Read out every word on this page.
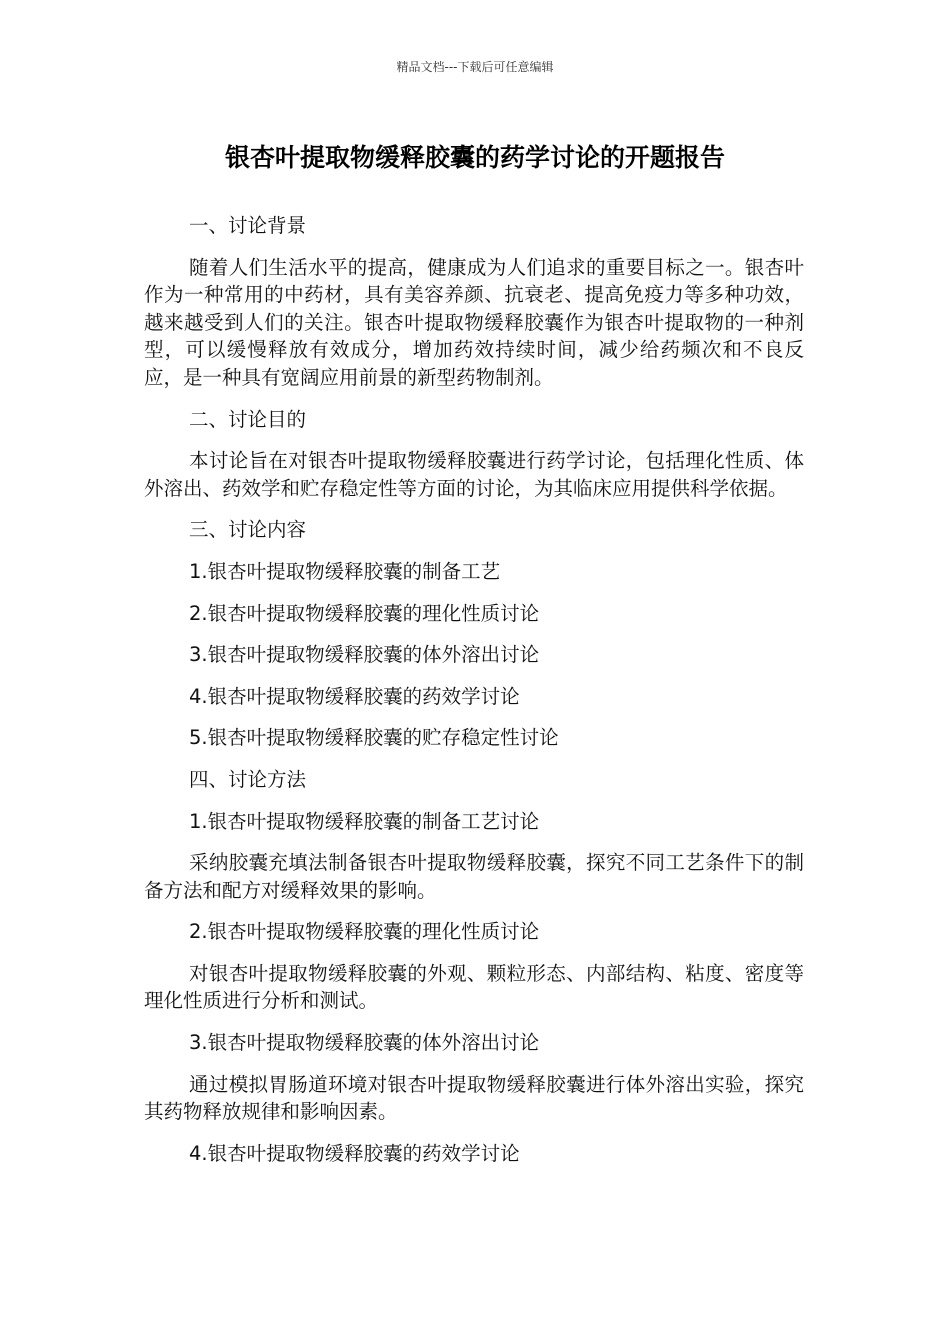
精品文档---下载后可任意编辑
银杏叶提取物缓释胶囊的药学讨论的开题报告

一、讨论背景

随着人们生活水平的提高，健康成为人们追求的重要目标之一。银杏叶作为一种常用的中药材，具有美容养颜、抗衰老、提高免疫力等多种功效，越来越受到人们的关注。银杏叶提取物缓释胶囊作为银杏叶提取物的一种剂型，可以缓慢释放有效成分，增加药效持续时间，减少给药频次和不良反应，是一种具有宽阔应用前景的新型药物制剂。

二、讨论目的

本讨论旨在对银杏叶提取物缓释胶囊进行药学讨论，包括理化性质、体外溶出、药效学和贮存稳定性等方面的讨论，为其临床应用提供科学依据。

三、讨论内容

1.银杏叶提取物缓释胶囊的制备工艺

2.银杏叶提取物缓释胶囊的理化性质讨论

3.银杏叶提取物缓释胶囊的体外溶出讨论

4.银杏叶提取物缓释胶囊的药效学讨论

5.银杏叶提取物缓释胶囊的贮存稳定性讨论

四、讨论方法

1.银杏叶提取物缓释胶囊的制备工艺讨论

采纳胶囊充填法制备银杏叶提取物缓释胶囊，探究不同工艺条件下的制备方法和配方对缓释效果的影响。

2.银杏叶提取物缓释胶囊的理化性质讨论

对银杏叶提取物缓释胶囊的外观、颗粒形态、内部结构、粘度、密度等理化性质进行分析和测试。

3.银杏叶提取物缓释胶囊的体外溶出讨论

通过模拟胃肠道环境对银杏叶提取物缓释胶囊进行体外溶出实验，探究其药物释放规律和影响因素。

4.银杏叶提取物缓释胶囊的药效学讨论
